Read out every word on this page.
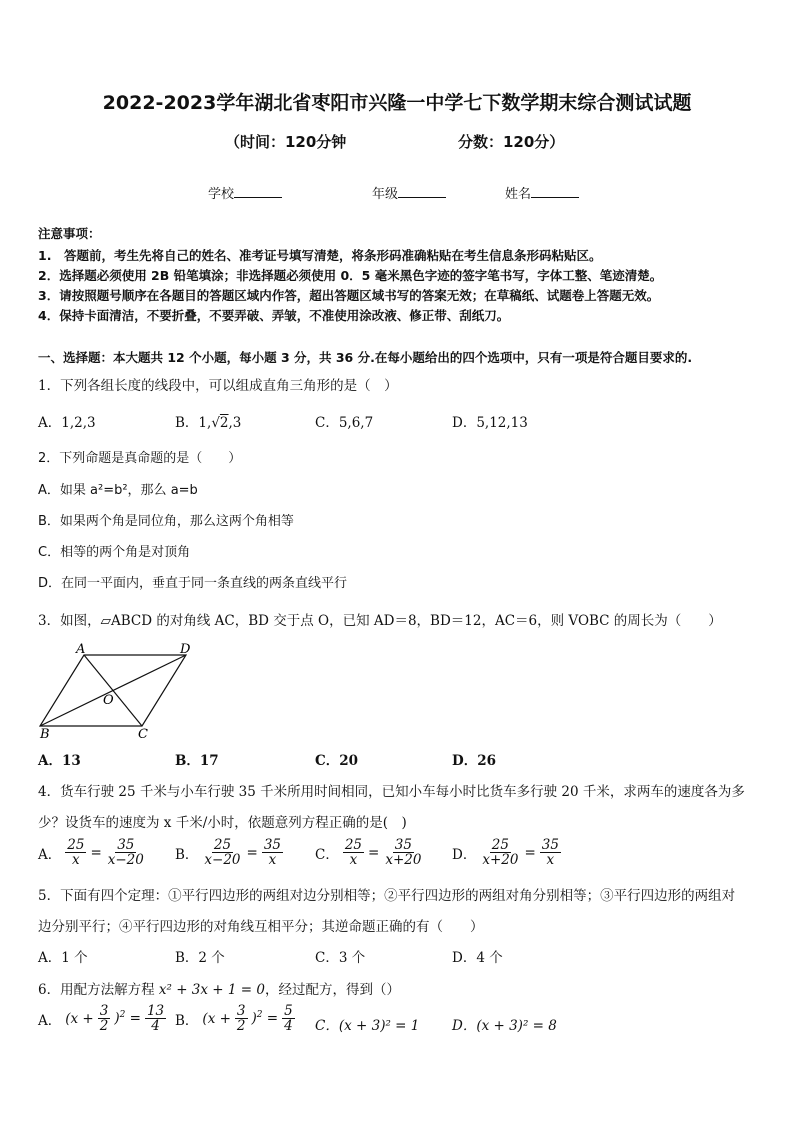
2022-2023学年湖北省枣阳市兴隆一中学七下数学期末综合测试试题
（时间：120分钟	分数：120分）
学校	年级	姓名
注意事项：
1.　答题前，考生先将自己的姓名、准考证号填写清楚，将条形码准确粘贴在考生信息条形码粘贴区。
2．选择题必须使用 2B 铅笔填涂；非选择题必须使用 0．5 毫米黑色字迹的签字笔书写，字体工整、笔迹清楚。
3．请按照题号顺序在各题目的答题区域内作答，超出答题区域书写的答案无效；在草稿纸、试题卷上答题无效。
4．保持卡面清洁，不要折叠，不要弄破、弄皱，不准使用涂改液、修正带、刮纸刀。
一、选择题：本大题共 12 个小题，每小题 3 分，共 36 分.在每小题给出的四个选项中，只有一项是符合题目要求的.
1．下列各组长度的线段中，可以组成直角三角形的是（　）
A．1,2,3	B．1,√2,3	C．5,6,7	D．5,12,13
2．下列命题是真命题的是（　　）
A．如果 a²=b²，那么 a=b
B．如果两个角是同位角，那么这两个角相等
C．相等的两个角是对顶角
D．在同一平面内，垂直于同一条直线的两条直线平行
3．如图，▱ABCD 的对角线 AC，BD 交于点 O，已知 AD＝8，BD＝12，AC＝6，则 VOBC 的周长为（　　）
A	D
B	C
O
A．13	B．17	C．20	D．26
4．货车行驶 25 千米与小车行驶 35 千米所用时间相同，已知小车每小时比货车多行驶 20 千米，求两车的速度各为多
少？设货车的速度为 x 千米/小时，依题意列方程正确的是(　)
A． $\frac{25}{x} = \frac{35}{x-20}$ B． $\frac{25}{x-20} = \frac{35}{x}$ C． $\frac{25}{x} = \frac{35}{x+20}$ D． $\frac{25}{x+20} = \frac{35}{x}$
5．下面有四个定理：①平行四边形的两组对边分别相等；②平行四边形的两组对角分别相等；③平行四边形的两组对
边分别平行；④平行四边形的对角线互相平分；其逆命题正确的有（　　）
A．1 个	B．2 个	C．3 个	D．4 个
6．用配方法解方程 x² + 3x + 1 = 0，经过配方，得到（）
A． $(x + \frac{3}{2} )^2 = \frac{13}{4}$ B． $(x + \frac{3}{2} )^2 = \frac{5}{4}$ C．(x + 3)² = 1 D．(x + 3)² = 8
